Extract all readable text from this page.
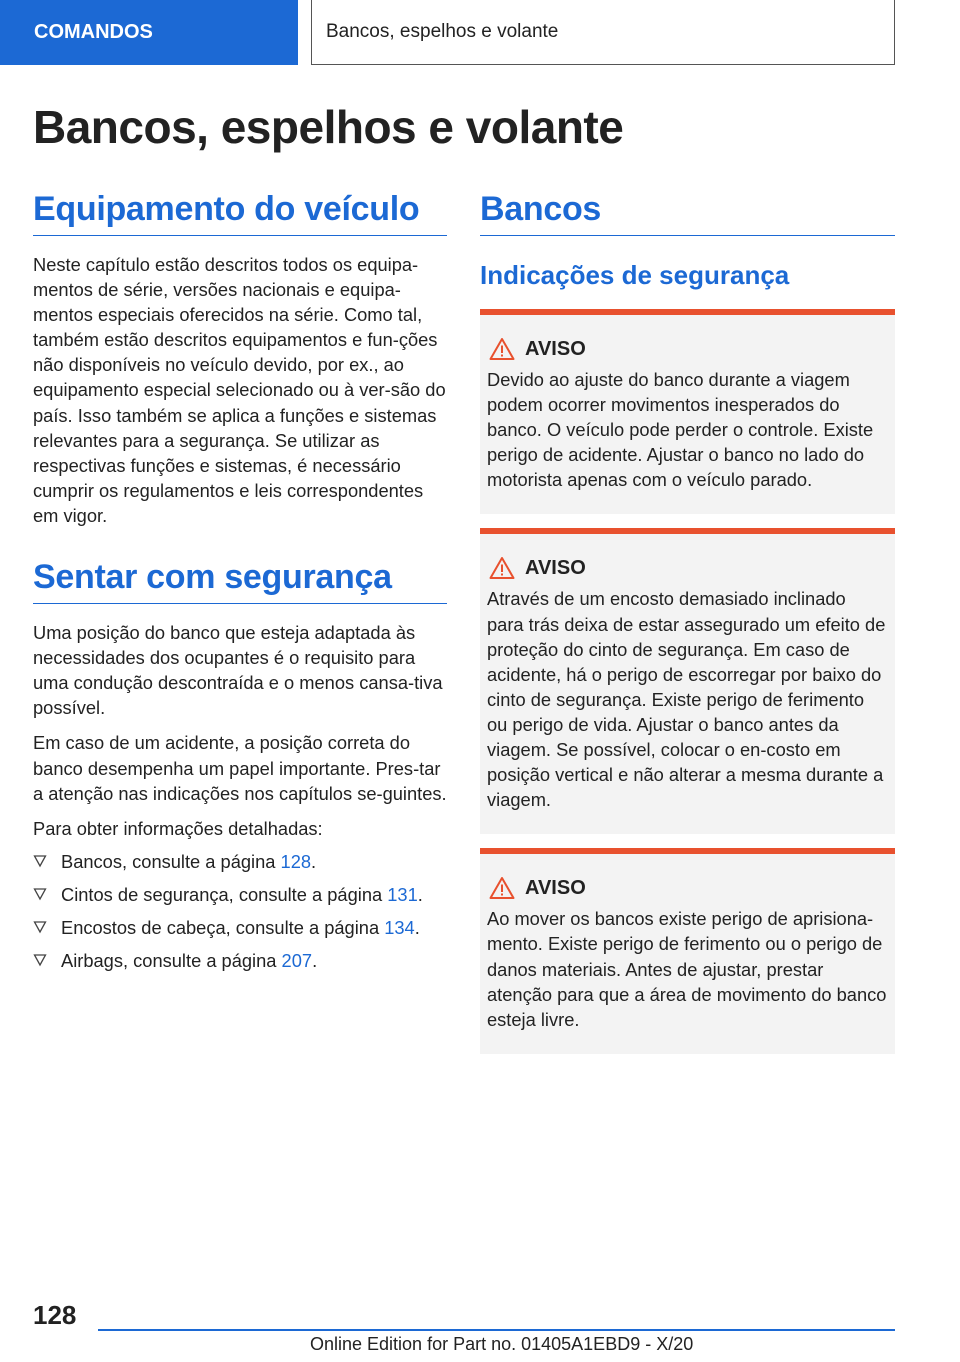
COMANDOS	Bancos, espelhos e volante
Bancos, espelhos e volante
Equipamento do veículo

Neste capítulo estão descritos todos os equipa-mentos de série, versões nacionais e equipa-mentos especiais oferecidos na série. Como tal, também estão descritos equipamentos e fun-ções não disponíveis no veículo devido, por ex., ao equipamento especial selecionado ou à ver-são do país. Isso também se aplica a funções e sistemas relevantes para a segurança. Se utilizar as respectivas funções e sistemas, é necessário cumprir os regulamentos e leis correspondentes em vigor.

Sentar com segurança

Uma posição do banco que esteja adaptada às necessidades dos ocupantes é o requisito para uma condução descontraída e o menos cansa-tiva possível.

Em caso de um acidente, a posição correta do banco desempenha um papel importante. Pres-tar a atenção nas indicações nos capítulos se-guintes.

Para obter informações detalhadas:

Bancos, consulte a página 128.
Cintos de segurança, consulte a página 131.
Encostos de cabeça, consulte a página 134.
Airbags, consulte a página 207.
Bancos
Indicações de segurança
AVISO

Devido ao ajuste do banco durante a viagem podem ocorrer movimentos inesperados do banco. O veículo pode perder o controle. Existe perigo de acidente. Ajustar o banco no lado do motorista apenas com o veículo parado.

AVISO

Através de um encosto demasiado inclinado para trás deixa de estar assegurado um efeito de proteção do cinto de segurança. Em caso de acidente, há o perigo de escorregar por baixo do cinto de segurança. Existe perigo de ferimento ou perigo de vida. Ajustar o banco antes da viagem. Se possível, colocar o en-costo em posição vertical e não alterar a mesma durante a viagem.

AVISO

Ao mover os bancos existe perigo de aprisiona-mento. Existe perigo de ferimento ou o perigo de danos materiais. Antes de ajustar, prestar atenção para que a área de movimento do banco esteja livre.

128
Online Edition for Part no. 01405A1EBD9 - X/20
